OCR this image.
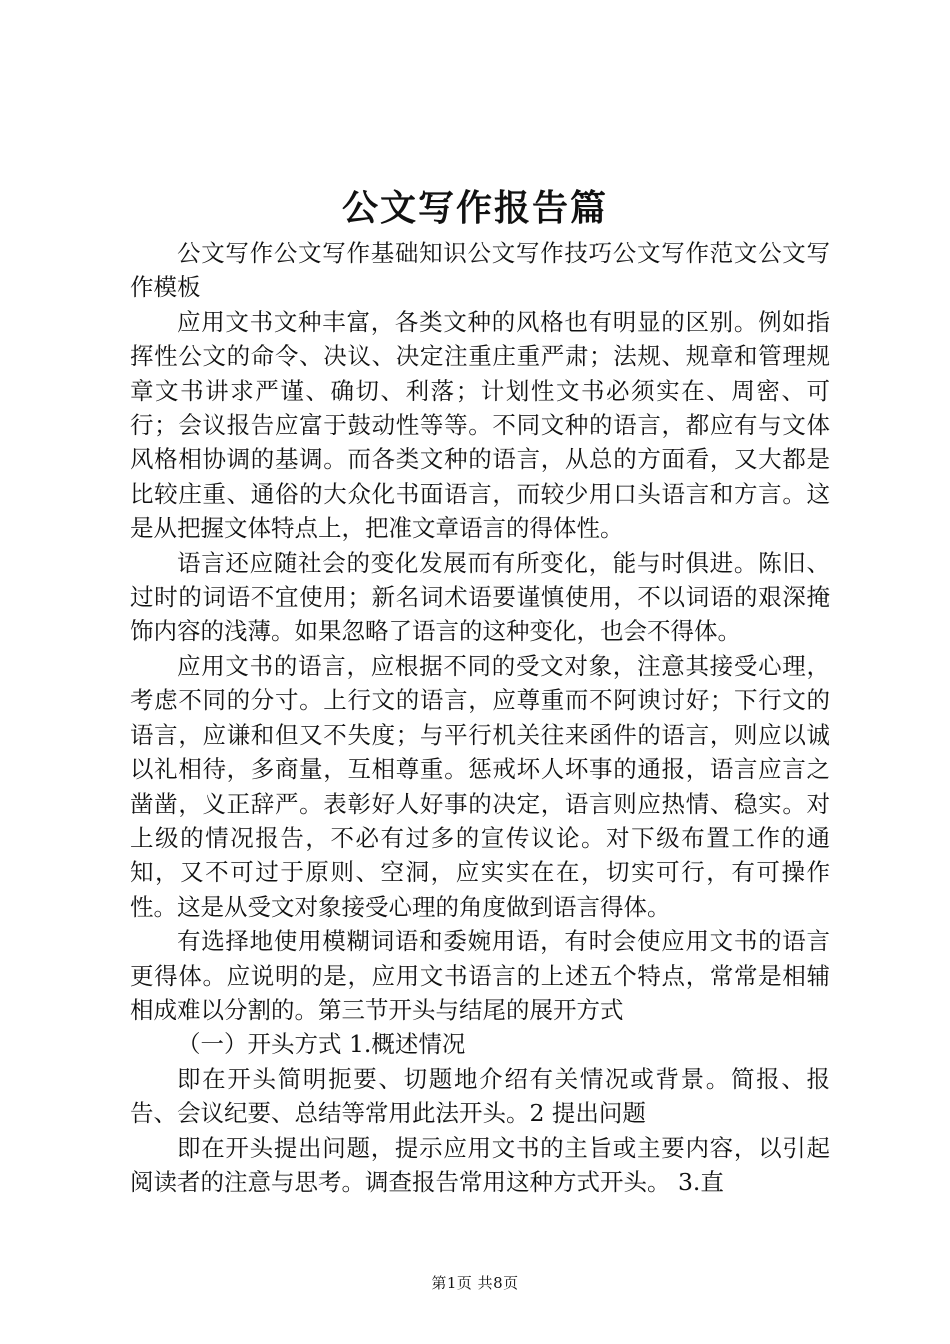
公文写作报告篇

公文写作公文写作基础知识公文写作技巧公文写作范文公文写作模板

应用文书文种丰富，各类文种的风格也有明显的区别。例如指挥性公文的命令、决议、决定注重庄重严肃；法规、规章和管理规章文书讲求严谨、确切、利落；计划性文书必须实在、周密、可行；会议报告应富于鼓动性等等。不同文种的语言，都应有与文体风格相协调的基调。而各类文种的语言，从总的方面看，又大都是比较庄重、通俗的大众化书面语言，而较少用口头语言和方言。这是从把握文体特点上，把准文章语言的得体性。

语言还应随社会的变化发展而有所变化，能与时俱进。陈旧、过时的词语不宜使用；新名词术语要谨慎使用，不以词语的艰深掩饰内容的浅薄。如果忽略了语言的这种变化，也会不得体。

应用文书的语言，应根据不同的受文对象，注意其接受心理，考虑不同的分寸。上行文的语言，应尊重而不阿谀讨好；下行文的语言，应谦和但又不失度；与平行机关往来函件的语言，则应以诚以礼相待，多商量，互相尊重。惩戒坏人坏事的通报，语言应言之凿凿，义正辞严。表彰好人好事的决定，语言则应热情、稳实。对上级的情况报告，不必有过多的宣传议论。对下级布置工作的通知，又不可过于原则、空洞，应实实在在，切实可行，有可操作性。这是从受文对象接受心理的角度做到语言得体。

有选择地使用模糊词语和委婉用语，有时会使应用文书的语言更得体。应说明的是，应用文书语言的上述五个特点，常常是相辅相成难以分割的。第三节开头与结尾的展开方式

（一）开头方式 1.概述情况

即在开头简明扼要、切题地介绍有关情况或背景。简报、报告、会议纪要、总结等常用此法开头。2 提出问题

即在开头提出问题，提示应用文书的主旨或主要内容，以引起阅读者的注意与思考。调查报告常用这种方式开头。 3.直

第1页 共8页
